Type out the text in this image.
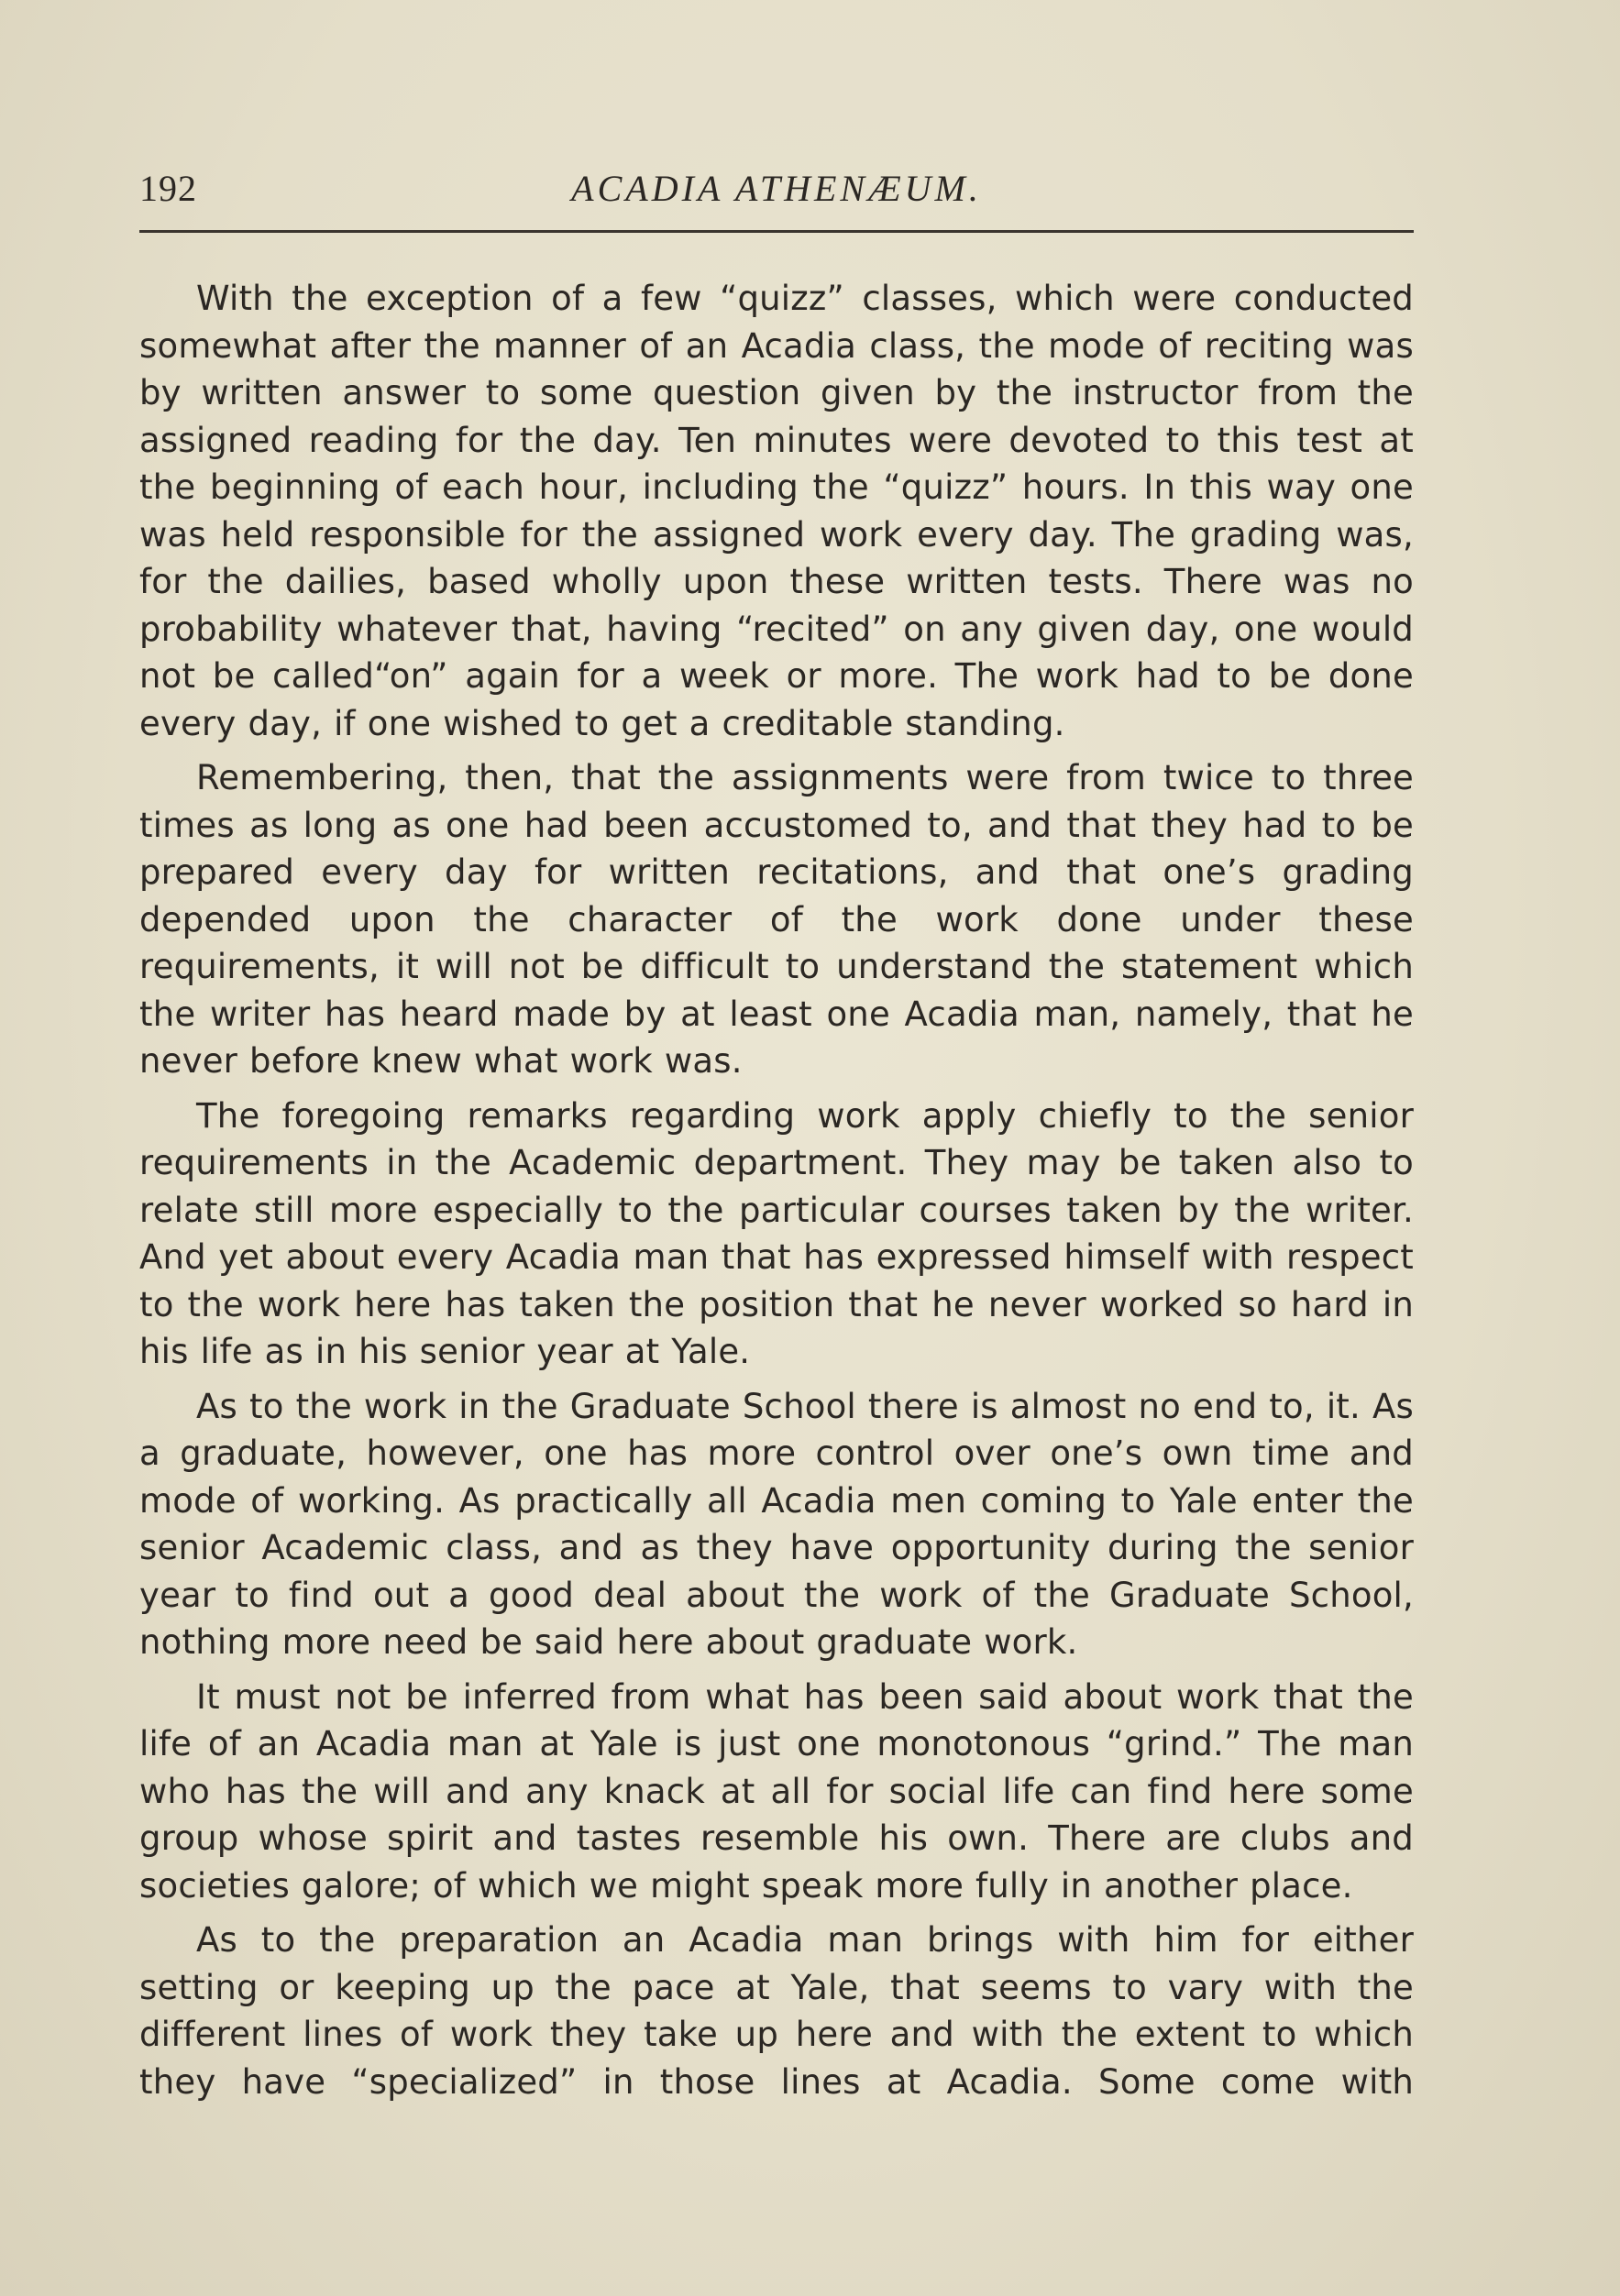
192	ACADIA ATHENÆUM.

With the exception of a few “quizz” classes, which were conducted somewhat after the manner of an Acadia class, the mode of reciting was by written answer to some question given by the instructor from the assigned reading for the day. Ten minutes were devoted to this test at the beginning of each hour, including the “quizz” hours. In this way one was held responsible for the assigned work every day. The grading was, for the dailies, based wholly upon these written tests. There was no probability whatever that, having “recited” on any given day, one would not be called“on” again for a week or more. The work had to be done every day, if one wished to get a creditable standing.

Remembering, then, that the assignments were from twice to three times as long as one had been accustomed to, and that they had to be prepared every day for written recitations, and that one’s grading depended upon the character of the work done under these requirements, it will not be difficult to understand the statement which the writer has heard made by at least one Acadia man, namely, that he never before knew what work was.

The foregoing remarks regarding work apply chiefly to the senior requirements in the Academic department. They may be taken also to relate still more especially to the particular courses taken by the writer. And yet about every Acadia man that has expressed himself with respect to the work here has taken the position that he never worked so hard in his life as in his senior year at Yale.

As to the work in the Graduate School there is almost no end to, it. As a graduate, however, one has more control over one’s own time and mode of working. As practically all Acadia men coming to Yale enter the senior Academic class, and as they have opportunity during the senior year to find out a good deal about the work of the Graduate School, nothing more need be said here about graduate work.

It must not be inferred from what has been said about work that the life of an Acadia man at Yale is just one monotonous “grind.” The man who has the will and any knack at all for social life can find here some group whose spirit and tastes resemble his own. There are clubs and societies galore; of which we might speak more fully in another place.

As to the preparation an Acadia man brings with him for either setting or keeping up the pace at Yale, that seems to vary with the different lines of work they take up here and with the extent to which they have “specialized” in those lines at Acadia. Some come with
